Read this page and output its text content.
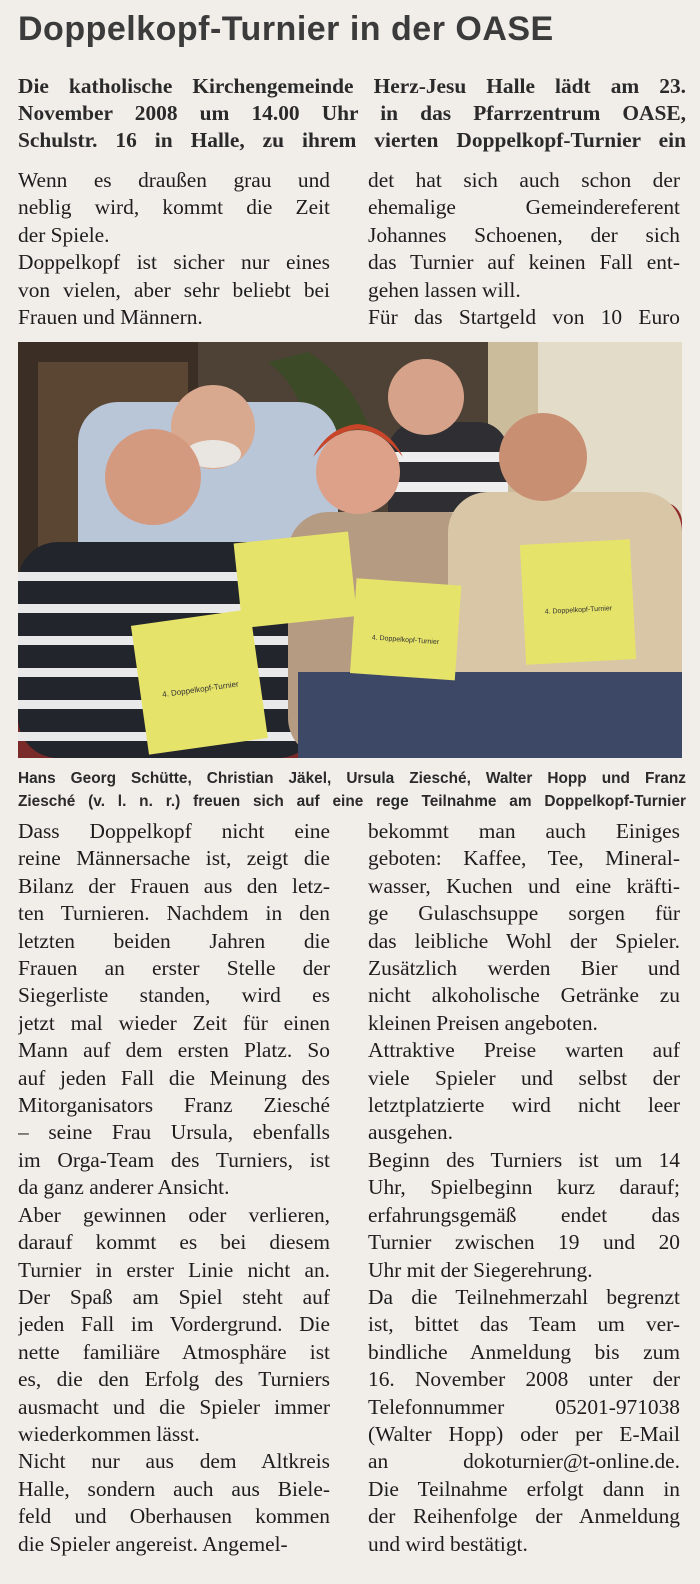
Doppelkopf-Turnier in der OASE
Die katholische Kirchengemeinde Herz-Jesu Halle lädt am 23.
November 2008 um 14.00 Uhr in das Pfarrzentrum OASE,
Schulstr. 16 in Halle, zu ihrem vierten Doppelkopf-Turnier ein
Wenn es draußen grau und
neblig wird, kommt die Zeit
der Spiele.
Doppelkopf ist sicher nur eines
von vielen, aber sehr beliebt bei
Frauen und Männern.
det hat sich auch schon der
ehemalige Gemeindereferent
Johannes Schoenen, der sich
das Turnier auf keinen Fall ent-
gehen lassen will.
Für das Startgeld von 10 Euro
4. Doppelkopf-Turnier
4. Doppelkopf-Turnier
4. Doppelkopf-Turnier
Hans Georg Schütte, Christian Jäkel, Ursula Ziesché, Walter Hopp und Franz
Ziesché (v. l. n. r.) freuen sich auf eine rege Teilnahme am Doppelkopf-Turnier
Dass Doppelkopf nicht eine
reine Männersache ist, zeigt die
Bilanz der Frauen aus den letz-
ten Turnieren. Nachdem in den
letzten beiden Jahren die
Frauen an erster Stelle der
Siegerliste standen, wird es
jetzt mal wieder Zeit für einen
Mann auf dem ersten Platz. So
auf jeden Fall die Meinung des
Mitorganisators Franz Ziesché
– seine Frau Ursula, ebenfalls
im Orga-Team des Turniers, ist
da ganz anderer Ansicht.
Aber gewinnen oder verlieren,
darauf kommt es bei diesem
Turnier in erster Linie nicht an.
Der Spaß am Spiel steht auf
jeden Fall im Vordergrund. Die
nette familiäre Atmosphäre ist
es, die den Erfolg des Turniers
ausmacht und die Spieler immer
wiederkommen lässt.
Nicht nur aus dem Altkreis
Halle, sondern auch aus Biele-
feld und Oberhausen kommen
die Spieler angereist. Angemel-
bekommt man auch Einiges
geboten: Kaffee, Tee, Mineral-
wasser, Kuchen und eine kräfti-
ge Gulaschsuppe sorgen für
das leibliche Wohl der Spieler.
Zusätzlich werden Bier und
nicht alkoholische Getränke zu
kleinen Preisen angeboten.
Attraktive Preise warten auf
viele Spieler und selbst der
letztplatzierte wird nicht leer
ausgehen.
Beginn des Turniers ist um 14
Uhr, Spielbeginn kurz darauf;
erfahrungsgemäß endet das
Turnier zwischen 19 und 20
Uhr mit der Siegerehrung.
Da die Teilnehmerzahl begrenzt
ist, bittet das Team um ver-
bindliche Anmeldung bis zum
16. November 2008 unter der
Telefonnummer 05201-971038
(Walter Hopp) oder per E-Mail
an dokoturnier@t-online.de.
Die Teilnahme erfolgt dann in
der Reihenfolge der Anmeldung
und wird bestätigt.
